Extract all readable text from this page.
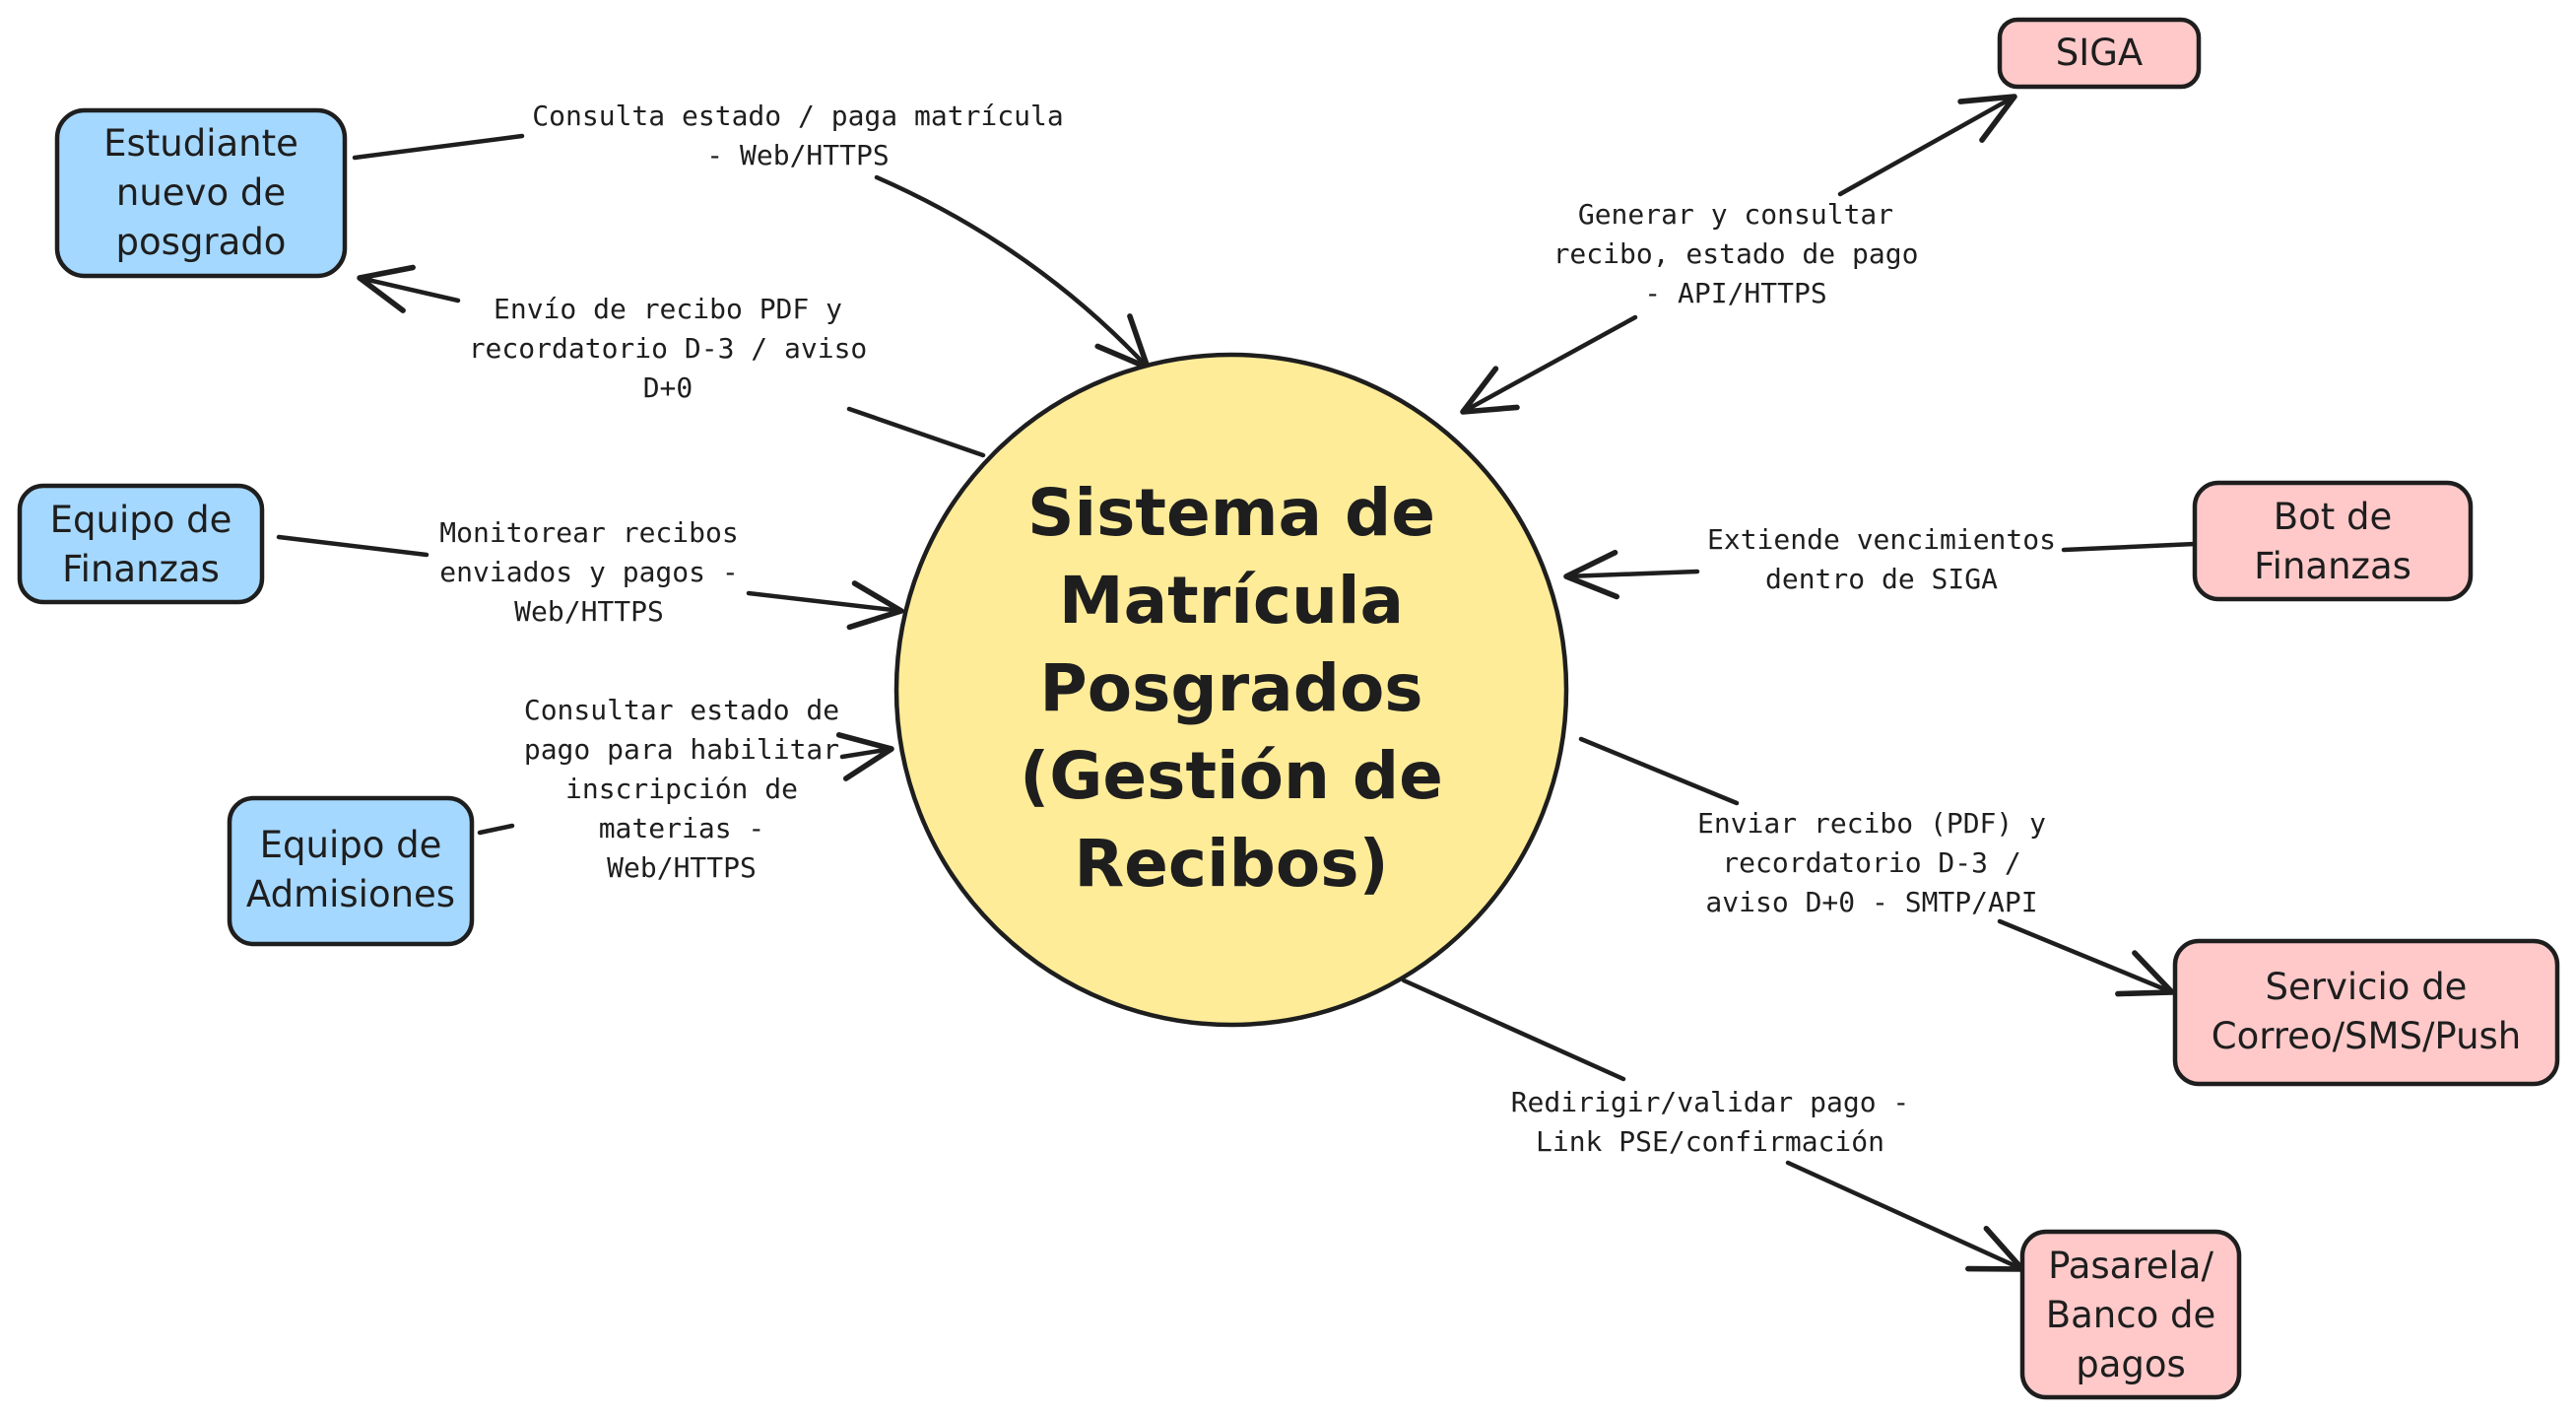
Sistema de
Matrícula
Posgrados
(Gestión de
Recibos)
Estudiante
nuevo de
posgrado
Equipo de
Finanzas
Equipo de
Admisiones
SIGA
Bot de
Finanzas
Servicio de
Correo/SMS/Push
Pasarela/
Banco de
pagos
Consulta estado / paga matrícula
- Web/HTTPS
Envío de recibo PDF y
recordatorio D-3 / aviso
D+0
Monitorear recibos
enviados y pagos -
Web/HTTPS
Consultar estado de
pago para habilitar
inscripción de
materias -
Web/HTTPS
Generar y consultar
recibo, estado de pago
- API/HTTPS
Extiende vencimientos
dentro de SIGA
Enviar recibo (PDF) y
recordatorio D-3 /
aviso D+0 - SMTP/API
Redirigir/validar pago -
Link PSE/confirmación
